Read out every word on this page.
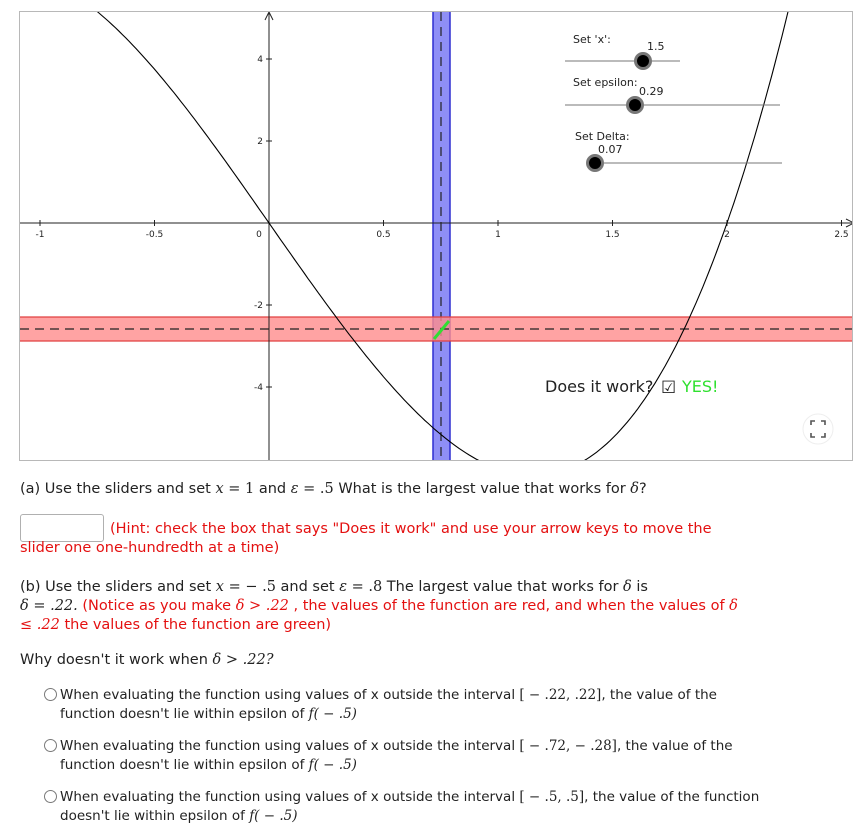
-1	-0.5	0	0.5	1	1.5	2	2.5
4
2
-2
-4
Set 'x':
1.5
Set epsilon:
0.29
Set Delta:
0.07
Does it work? ☑ YES!
(a) Use the sliders and set x = 1 and ε = .5 What is the largest value that works for δ?
(Hint: check the box that says "Does it work" and use your arrow keys to move the slider one one-hundredth at a time)
(b) Use the sliders and set x = − .5 and set ε = .8 The largest value that works for δ is
δ = .22. (Notice as you make δ > .22 , the values of the function are red, and when the values of δ ≤ .22 the values of the function are green)
Why doesn't it work when δ > .22?
When evaluating the function using values of x outside the interval [ − .22, .22], the value of the function doesn't lie within epsilon of f( − .5)
When evaluating the function using values of x outside the interval [ − .72, − .28], the value of the function doesn't lie within epsilon of f( − .5)
When evaluating the function using values of x outside the interval [ − .5, .5], the value of the function doesn't lie within epsilon of f( − .5)
